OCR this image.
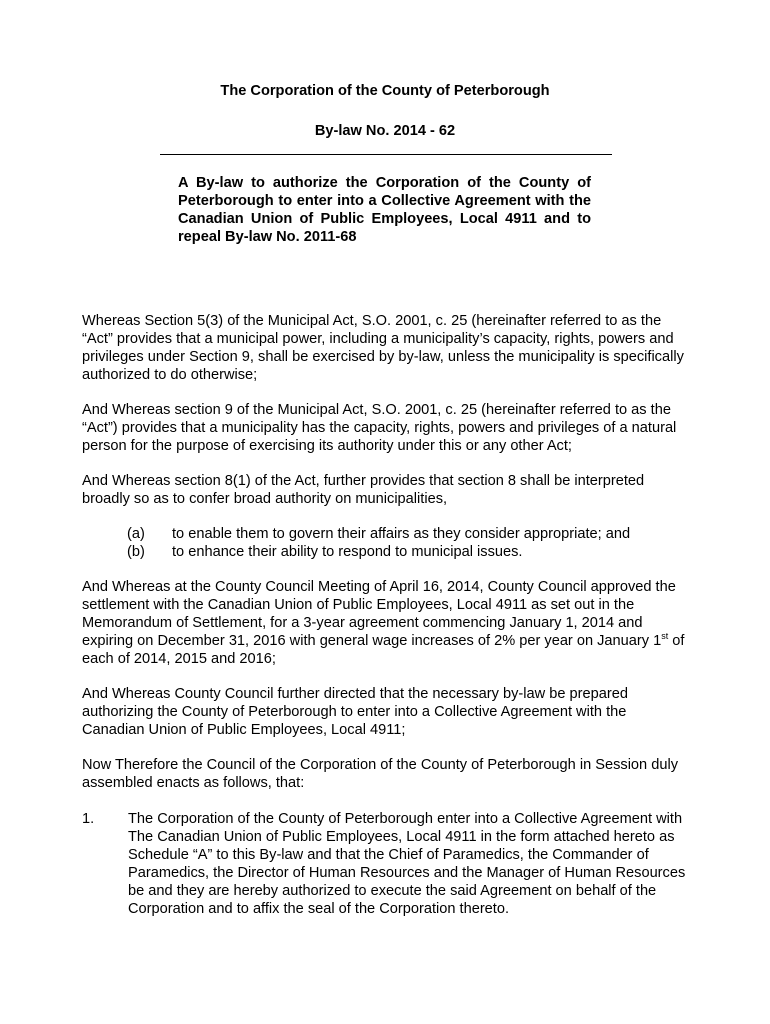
The Corporation of the County of Peterborough
By-law No. 2014 - 62
A By-law to authorize the Corporation of the County of Peterborough to enter into a Collective Agreement with the Canadian Union of Public Employees, Local 4911 and to repeal By-law No. 2011-68

Whereas Section 5(3) of the Municipal Act, S.O. 2001, c. 25 (hereinafter referred to as the “Act” provides that a municipal power, including a municipality’s capacity, rights, powers and privileges under Section 9, shall be exercised by by-law, unless the municipality is specifically authorized to do otherwise;

And Whereas section 9 of the Municipal Act, S.O. 2001, c. 25 (hereinafter referred to as the “Act”) provides that a municipality has the capacity, rights, powers and privileges of a natural person for the purpose of exercising its authority under this or any other Act;

And Whereas section 8(1) of the Act, further provides that section 8 shall be interpreted broadly so as to confer broad authority on municipalities,

(a) to enable them to govern their affairs as they consider appropriate; and
(b) to enhance their ability to respond to municipal issues.

And Whereas at the County Council Meeting of April 16, 2014, County Council approved the settlement with the Canadian Union of Public Employees, Local 4911 as set out in the Memorandum of Settlement, for a 3-year agreement commencing January 1, 2014 and expiring on December 31, 2016 with general wage increases of 2% per year on January 1st of each of 2014, 2015 and 2016;

And Whereas County Council further directed that the necessary by-law be prepared authorizing the County of Peterborough to enter into a Collective Agreement with the Canadian Union of Public Employees, Local 4911;

Now Therefore the Council of the Corporation of the County of Peterborough in Session duly assembled enacts as follows, that:

1. The Corporation of the County of Peterborough enter into a Collective Agreement with The Canadian Union of Public Employees, Local 4911 in the form attached hereto as Schedule “A” to this By-law and that the Chief of Paramedics, the Commander of Paramedics, the Director of Human Resources and the Manager of Human Resources be and they are hereby authorized to execute the said Agreement on behalf of the Corporation and to affix the seal of the Corporation thereto.
